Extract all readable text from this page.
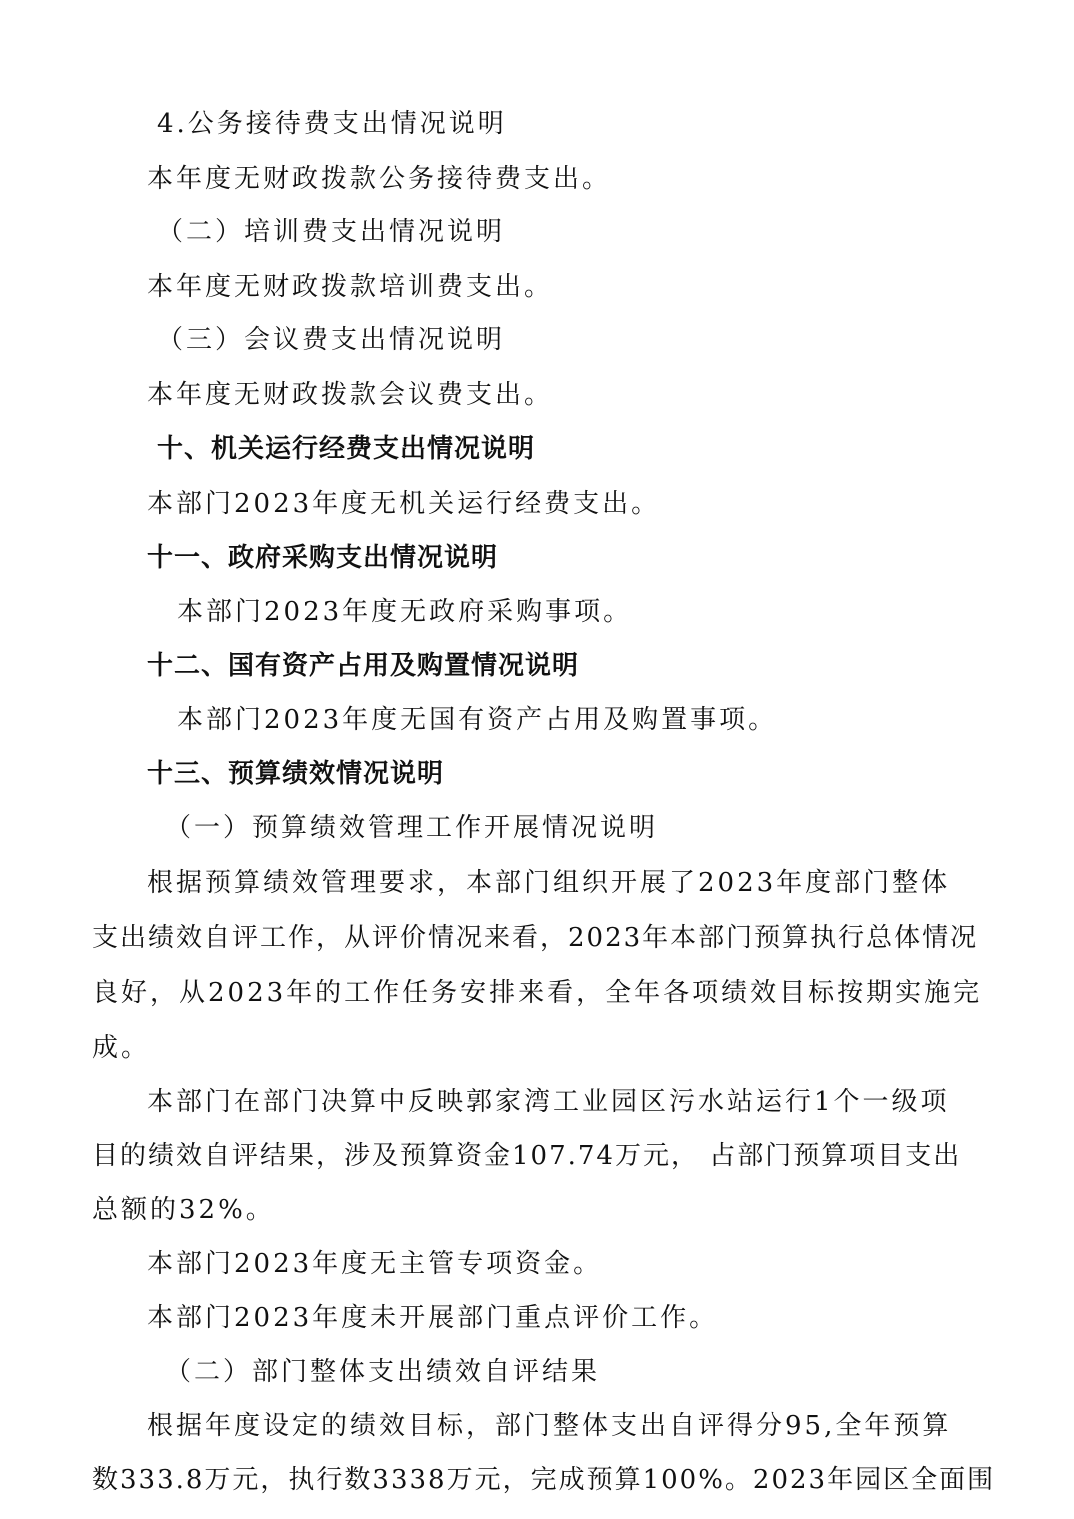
4.公务接待费支出情况说明
本年度无财政拨款公务接待费支出。
（二）培训费支出情况说明
本年度无财政拨款培训费支出。
（三）会议费支出情况说明
本年度无财政拨款会议费支出。
十、机关运行经费支出情况说明
本部门2023年度无机关运行经费支出。
十一、政府采购支出情况说明
本部门2023年度无政府采购事项。
十二、国有资产占用及购置情况说明
本部门2023年度无国有资产占用及购置事项。
十三、预算绩效情况说明
（一）预算绩效管理工作开展情况说明
根据预算绩效管理要求，本部门组织开展了2023年度部门整体
支出绩效自评工作，从评价情况来看，2023年本部门预算执行总体情况
良好，从2023年的工作任务安排来看，全年各项绩效目标按期实施完
成。
本部门在部门决算中反映郭家湾工业园区污水站运行1个一级项
目的绩效自评结果，涉及预算资金107.74万元， 占部门预算项目支出
总额的32%。
本部门2023年度无主管专项资金。
本部门2023年度未开展部门重点评价工作。
（二）部门整体支出绩效自评结果
根据年度设定的绩效目标，部门整体支出自评得分95,全年预算
数333.8万元，执行数3338万元，完成预算100%。2023年园区全面围
